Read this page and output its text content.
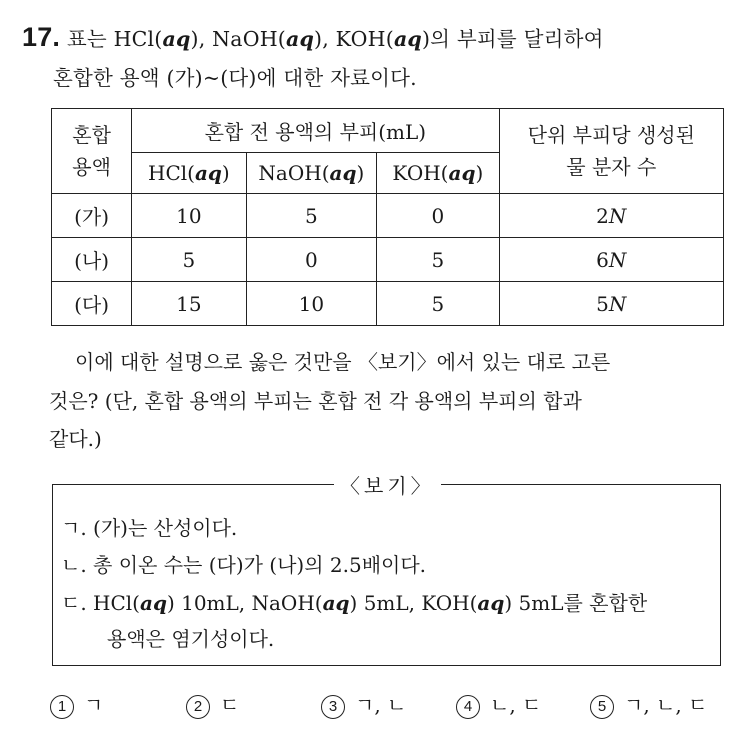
17. 표는 HCl(aq), NaOH(aq), KOH(aq)의 부피를 달리하여
혼합한 용액 (가)~(다)에 대한 자료이다.
혼합
용액	혼합 전 용액의 부피(mL)			단위 부피당 생성된
물 분자 수

	HCl(aq)	NaOH(aq)	KOH(aq)	
(가)	10	5	0	2N
(나)	5	0	5	6N
(다)	15	10	5	5N
이에 대한 설명으로 옳은 것만을 〈보기〉에서 있는 대로 고른
것은? (단, 혼합 용액의 부피는 혼합 전 각 용액의 부피의 합과
같다.)
〈보기〉
ㄱ. (가)는 산성이다.
ㄴ. 총 이온 수는 (다)가 (나)의 2.5배이다.
ㄷ. HCl(aq) 10mL, NaOH(aq) 5mL, KOH(aq) 5mL를 혼합한
용액은 염기성이다.
1 ㄱ	2 ㄷ	3 ㄱ, ㄴ	4 ㄴ, ㄷ	5 ㄱ, ㄴ, ㄷ
